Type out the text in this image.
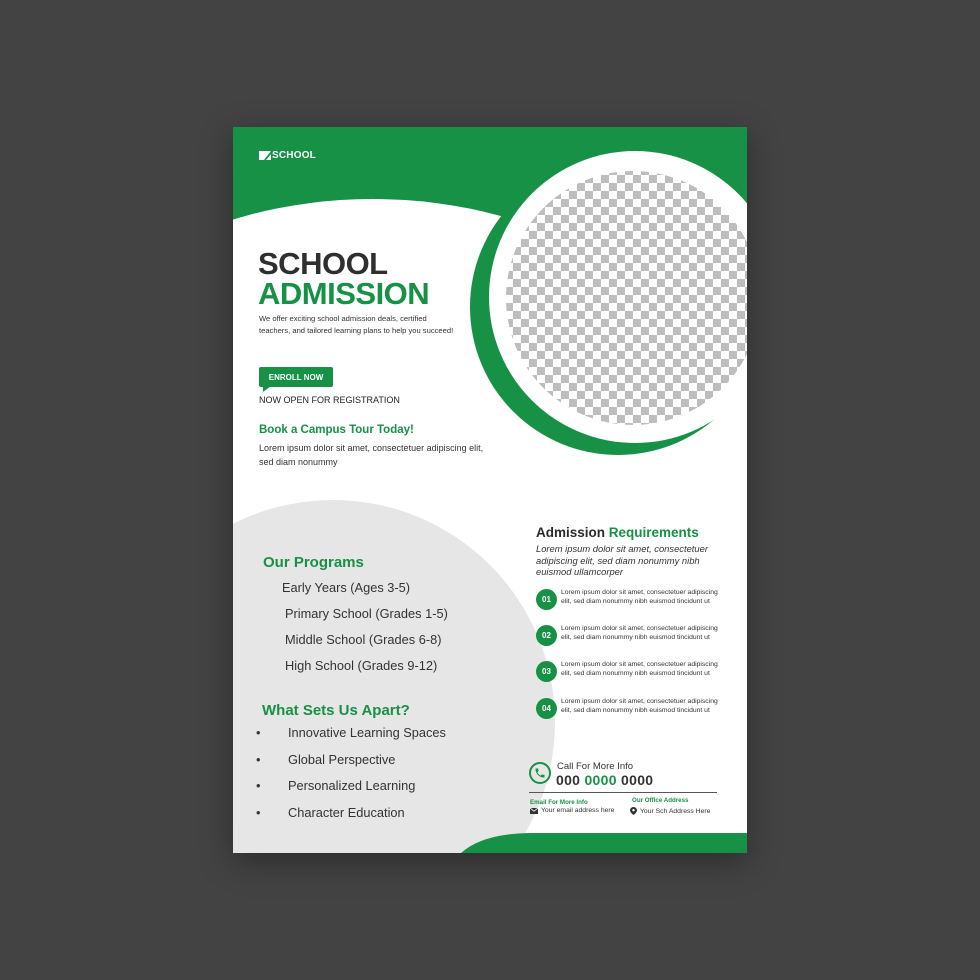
SCHOOL
SCHOOL
ADMISSION
We offer exciting school admission deals, certified teachers, and tailored learning plans to help you succeed!
ENROLL NOW
NOW OPEN FOR REGISTRATION
Book a Campus Tour Today!
Lorem ipsum dolor sit amet, consectetuer adipiscing elit, sed diam nonummy
Our Programs
Early Years (Ages 3-5)
Primary School (Grades 1-5)
Middle School (Grades 6-8)
High School (Grades 9-12)
What Sets Us Apart?
• Innovative Learning Spaces
• Global Perspective
• Personalized Learning
• Character Education
Admission Requirements
Lorem ipsum dolor sit amet, consectetuer adipiscing elit, sed diam nonummy nibh euismod ullamcorper
01
Lorem ipsum dolor sit amet, consectetuer adipiscing elit, sed diam nonummy nibh euismod tincidunt ut
02
Lorem ipsum dolor sit amet, consectetuer adipiscing elit, sed diam nonummy nibh euismod tincidunt ut
03
Lorem ipsum dolor sit amet, consectetuer adipiscing elit, sed diam nonummy nibh euismod tincidunt ut
04
Lorem ipsum dolor sit amet, consectetuer adipiscing elit, sed diam nonummy nibh euismod tincidunt ut
Call For More Info
000 0000 0000
Email For More Info
Your email address here
Our Office Address
Your Sch Address Here
